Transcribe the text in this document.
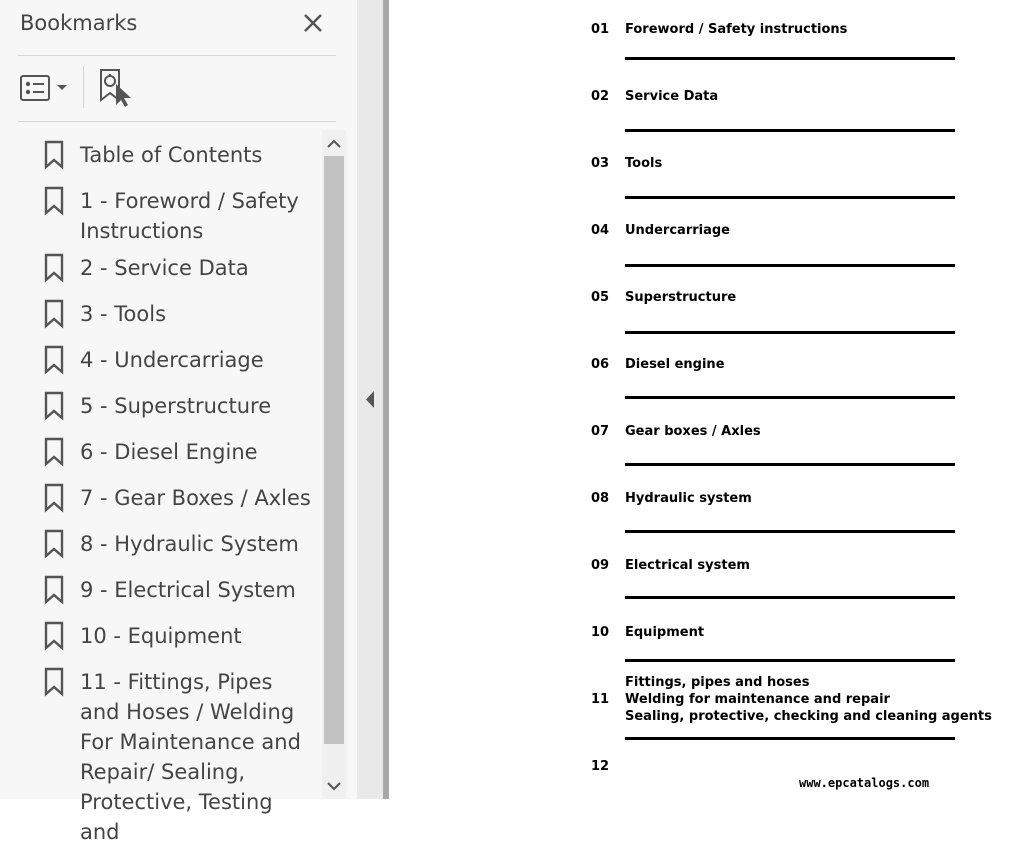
Bookmarks
Table of Contents
1 - Foreword / Safety Instructions
2 - Service Data
3 - Tools
4 - Undercarriage
5 - Superstructure
6 - Diesel Engine
7 - Gear Boxes / Axles
8 - Hydraulic System
9 - Electrical System
10 - Equipment
11 - Fittings, Pipes and Hoses / Welding For Maintenance and Repair/ Sealing, Protective, Testing and
01 Foreword / Safety instructions
02 Service Data
03 Tools
04 Undercarriage
05 Superstructure
06 Diesel engine
07 Gear boxes / Axles
08 Hydraulic system
09 Electrical system
10 Equipment
11
Fittings, pipes and hoses
Welding for maintenance and repair
Sealing, protective, checking and cleaning agents
12
www.epcatalogs.com
